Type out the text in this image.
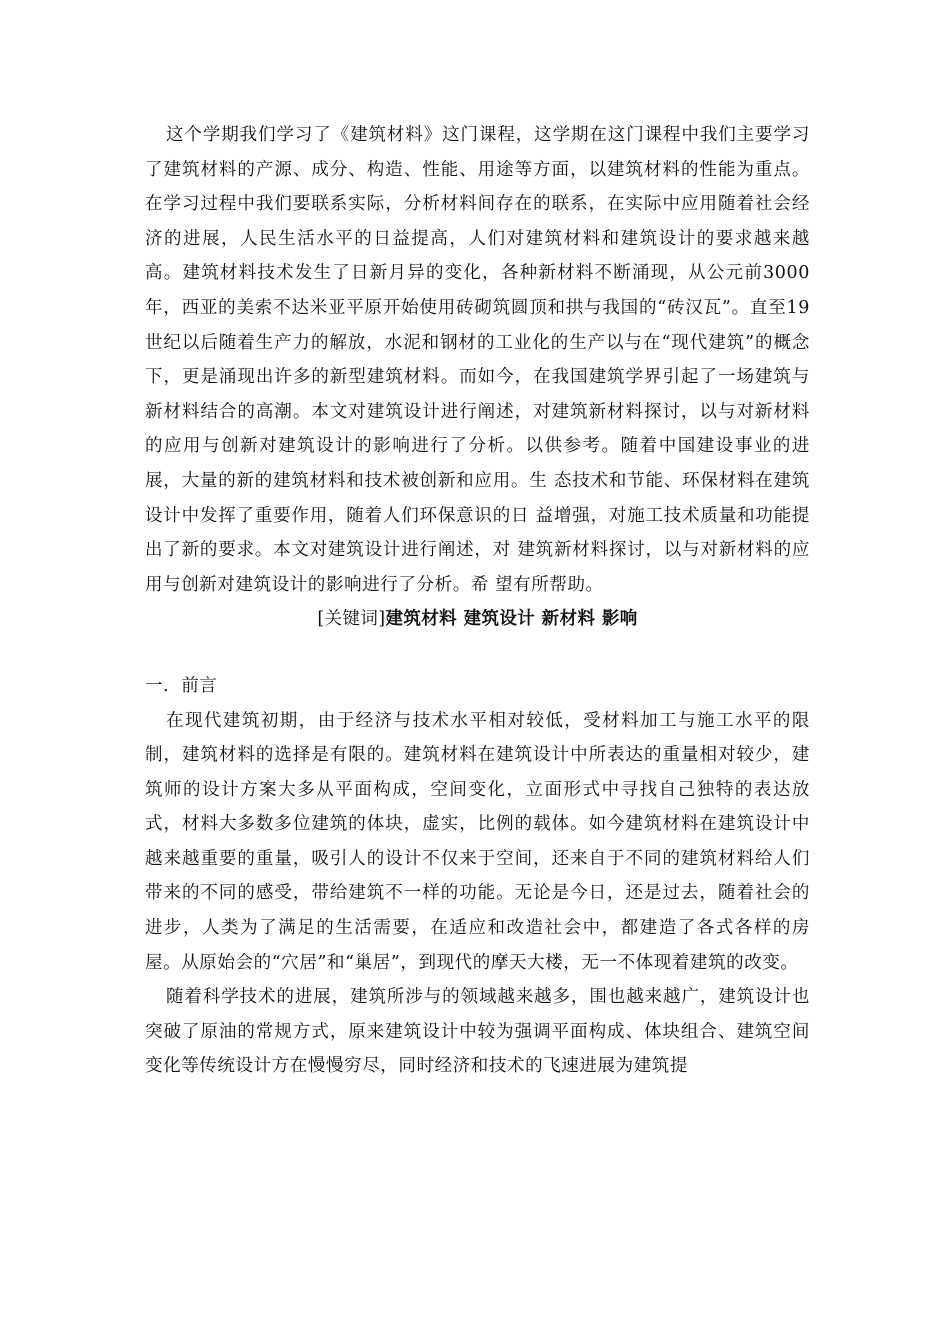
这个学期我们学习了《建筑材料》这门课程，这学期在这门课程中我们主要学习了建筑材料的产源、成分、构造、性能、用途等方面，以建筑材料的性能为重点。在学习过程中我们要联系实际，分析材料间存在的联系，在实际中应用随着社会经济的进展，人民生活水平的日益提高，人们对建筑材料和建筑设计的要求越来越高。建筑材料技术发生了日新月异的变化，各种新材料不断涌现，从公元前3000年，西亚的美索不达米亚平原开始使用砖砌筑圆顶和拱与我国的“砖汉瓦”。直至19世纪以后随着生产力的解放，水泥和钢材的工业化的生产以与在“现代建筑”的概念下，更是涌现出许多的新型建筑材料。而如今，在我国建筑学界引起了一场建筑与新材料结合的高潮。本文对建筑设计进行阐述，对建筑新材料探讨，以与对新材料的应用与创新对建筑设计的影响进行了分析。以供参考。随着中国建设事业的进展，大量的新的建筑材料和技术被创新和应用。生 态技术和节能、环保材料在建筑设计中发挥了重要作用，随着人们环保意识的日 益增强，对施工技术质量和功能提出了新的要求。本文对建筑设计进行阐述，对 建筑新材料探讨，以与对新材料的应用与创新对建筑设计的影响进行了分析。希 望有所帮助。

[关键词]建筑材料 建筑设计 新材料 影响

一．前言

在现代建筑初期，由于经济与技术水平相对较低，受材料加工与施工水平的限制，建筑材料的选择是有限的。建筑材料在建筑设计中所表达的重量相对较少，建筑师的设计方案大多从平面构成，空间变化，立面形式中寻找自己独特的表达放式，材料大多数多位建筑的体块，虚实，比例的载体。如今建筑材料在建筑设计中越来越重要的重量，吸引人的设计不仅来于空间，还来自于不同的建筑材料给人们带来的不同的感受，带给建筑不一样的功能。无论是今日，还是过去，随着社会的进步，人类为了满足的生活需要，在适应和改造社会中，都建造了各式各样的房屋。从原始会的“穴居”和“巢居”，到现代的摩天大楼，无一不体现着建筑的改变。

随着科学技术的进展，建筑所涉与的领域越来越多，围也越来越广，建筑设计也突破了原油的常规方式，原来建筑设计中较为强调平面构成、体块组合、建筑空间变化等传统设计方在慢慢穷尽，同时经济和技术的飞速进展为建筑提
